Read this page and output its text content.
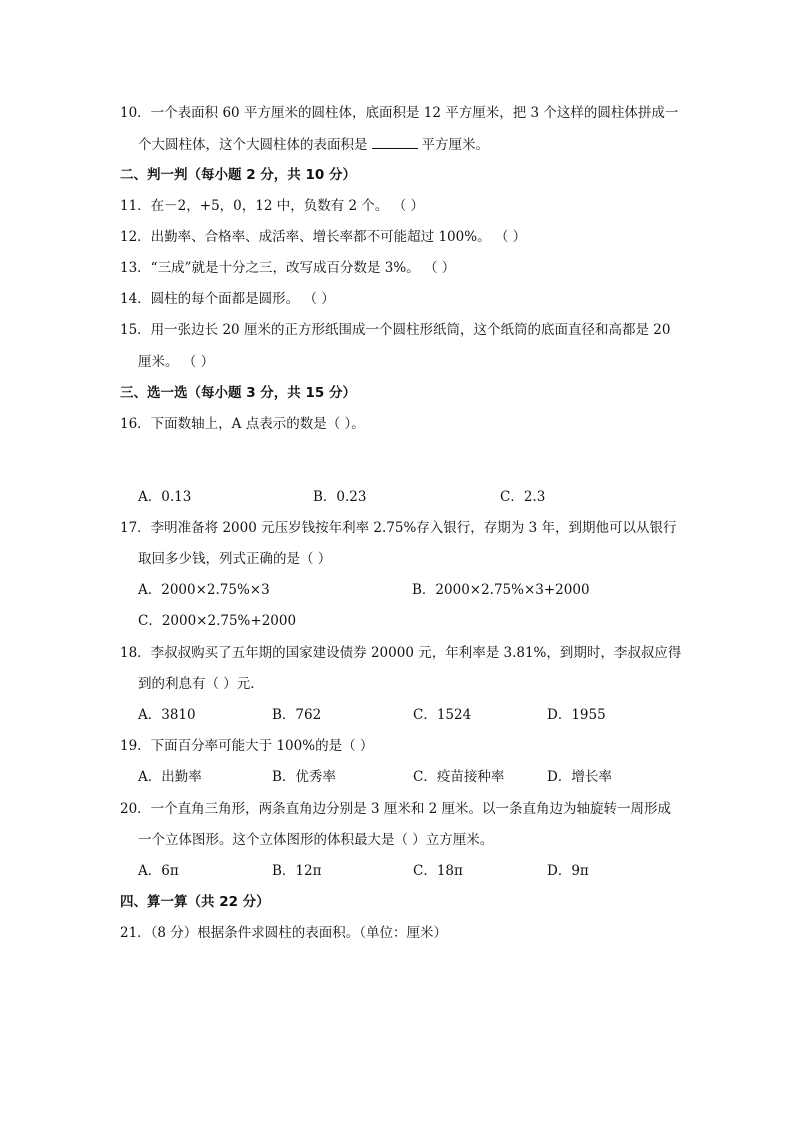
10．一个表面积 60 平方厘米的圆柱体，底面积是 12 平方厘米，把 3 个这样的圆柱体拼成一
个大圆柱体，这个大圆柱体的表面积是	平方厘米。
二、判一判（每小题 2 分，共 10 分）
11．在－2，+5，0，12 中，负数有 2 个。 （ ）
12．出勤率、合格率、成活率、增长率都不可能超过 100%。 （ ）
13．“三成”就是十分之三，改写成百分数是 3%。 （ ）
14．圆柱的每个面都是圆形。 （ ）
15．用一张边长 20 厘米的正方形纸围成一个圆柱形纸筒，这个纸筒的底面直径和高都是 20
厘米。 （ ）
三、选一选（每小题 3 分，共 15 分）
16．下面数轴上，A 点表示的数是（ ）。
A．0.13	B．0.23	C．2.3
17．李明准备将 2000 元压岁钱按年利率 2.75%存入银行，存期为 3 年，到期他可以从银行
取回多少钱，列式正确的是（ ）
A．2000×2.75%×3	B．2000×2.75%×3+2000
C．2000×2.75%+2000
18．李叔叔购买了五年期的国家建设债券 20000 元，年利率是 3.81%，到期时，李叔叔应得
到的利息有（ ）元．
A．3810	B．762	C．1524	D．1955
19．下面百分率可能大于 100%的是（ ）
A．出勤率	B．优秀率	C．疫苗接种率	D．增长率
20．一个直角三角形，两条直角边分别是 3 厘米和 2 厘米。以一条直角边为轴旋转一周形成
一个立体图形。这个立体图形的体积最大是（ ）立方厘米。
A．6π	B．12π	C．18π	D．9π
四、算一算（共 22 分）
21．（8 分）根据条件求圆柱的表面积。（单位：厘米）
